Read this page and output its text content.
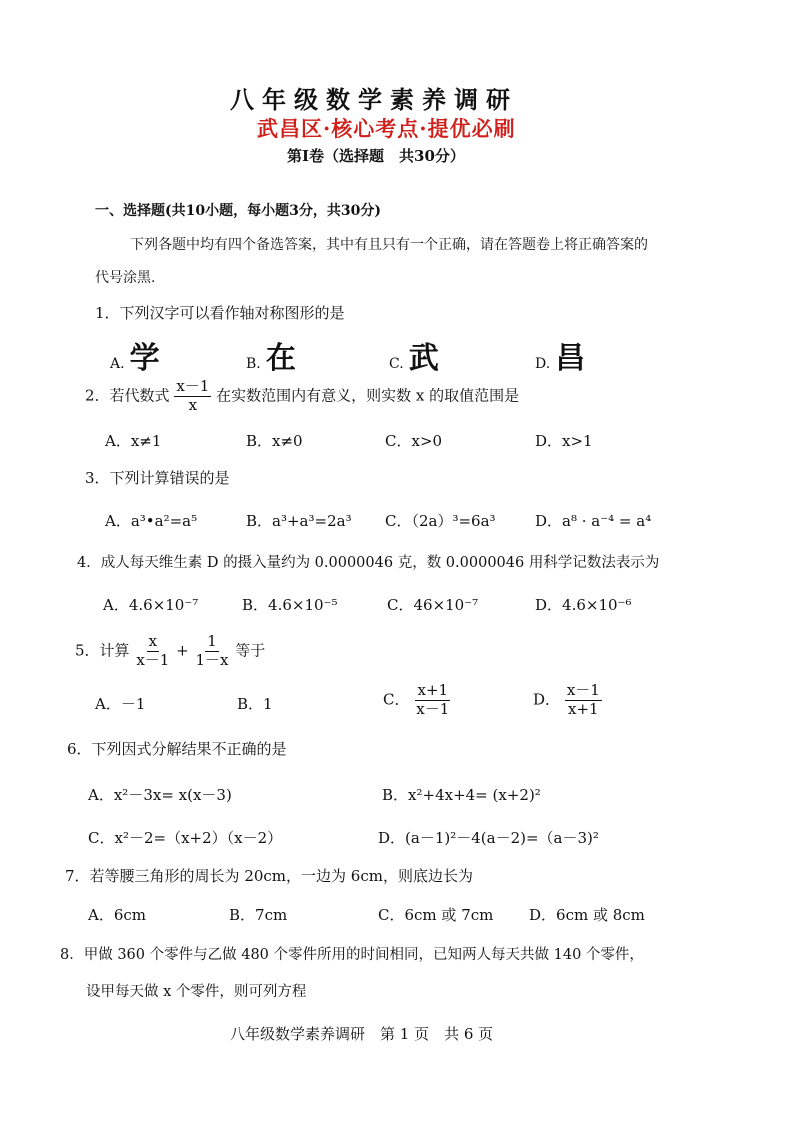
八年级数学素养调研
武昌区·核心考点·提优必刷
第Ⅰ卷（选择题　共30分）
一、选择题(共10小题，每小题3分，共30分)
下列各题中均有四个备选答案，其中有且只有一个正确，请在答题卷上将正确答案的
代号涂黑.
1．下列汉字可以看作轴对称图形的是
A. 学	B. 在	C. 武	D. 昌
2．若代数式 $\frac{x-1}{x}$ 在实数范围内有意义，则实数 x 的取值范围是
A．x≠1	B．x≠0	C．x>0	D．x>1
3．下列计算错误的是
A．a³•a²=a⁵	B．a³+a³=2a³ C．（2a）³=6a³	D．a⁸ · a⁻⁴ = a⁴
4．成人每天维生素 D 的摄入量约为 0.0000046 克，数 0.0000046 用科学记数法表示为
A．4.6×10⁻⁷	B．4.6×10⁻⁵	C．46×10⁻⁷	D．4.6×10⁻⁶
5．计算 $\frac{x}{x-1} + \frac{1}{1-x}$ 等于
A．－1	B．1	C． $\frac{x+1}{x-1}$	D． $\frac{x-1}{x+1}$
6．下列因式分解结果不正确的是
A．x²－3x= x(x－3)	B．x²+4x+4= (x+2)²
C．x²－2=（x+2）（x－2）	D．(a－1)²－4(a－2)=（a－3)²
7．若等腰三角形的周长为 20cm，一边为 6cm，则底边长为
A．6cm	B．7cm	C．6cm 或 7cm D．6cm 或 8cm
8．甲做 360 个零件与乙做 480 个零件所用的时间相同，已知两人每天共做 140 个零件，
设甲每天做 x 个零件，则可列方程
八年级数学素养调研　第 1 页　共 6 页
